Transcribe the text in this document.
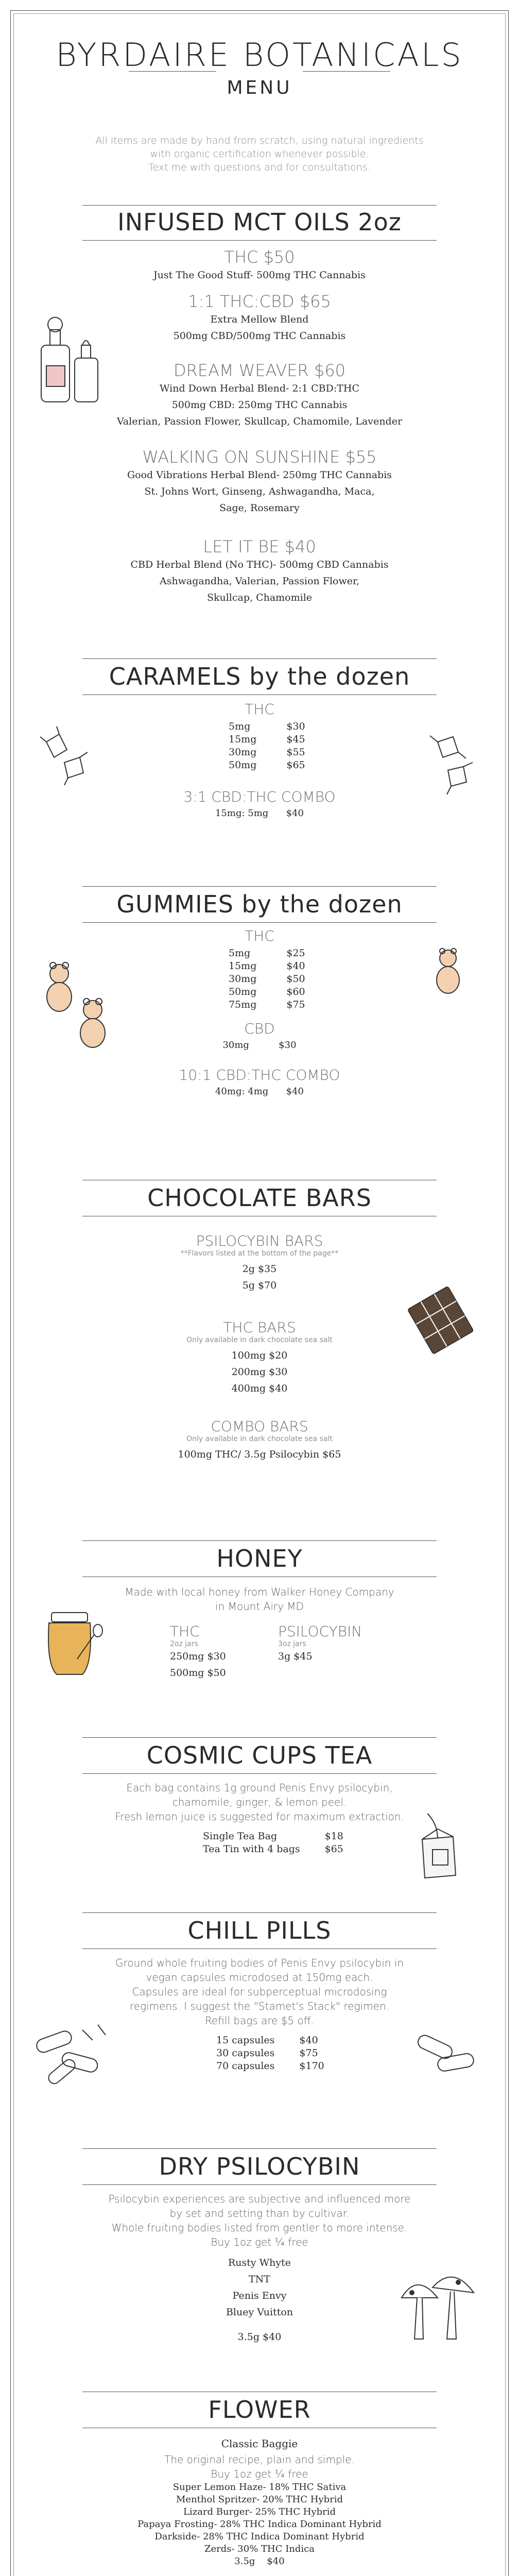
BYRDAIRE BOTANICALS
MENU
All items are made by hand from scratch, using natural ingredients
with organic certification whenever possible.
Text me with questions and for consultations.
INFUSED MCT OILS 2oz
THC $50
Just The Good Stuff- 500mg THC Cannabis
1:1 THC:CBD $65
Extra Mellow Blend
500mg CBD/500mg THC Cannabis
DREAM WEAVER $60
Wind Down Herbal Blend- 2:1 CBD:THC
500mg CBD: 250mg THC Cannabis
Valerian, Passion Flower, Skullcap, Chamomile, Lavender
WALKING ON SUNSHINE $55
Good Vibrations Herbal Blend- 250mg THC Cannabis
St. Johns Wort, Ginseng, Ashwagandha, Maca,
Sage, Rosemary
LET IT BE $40
CBD Herbal Blend (No THC)- 500mg CBD Cannabis
Ashwagandha, Valerian, Passion Flower,
Skullcap, Chamomile
CARAMELS by the dozen
THC
5mg	$30
15mg	$45
30mg	$55
50mg	$65
3:1 CBD:THC COMBO
15mg: 5mg      $40
GUMMIES by the dozen
THC
5mg	$25
15mg	$40
30mg	$50
50mg	$60
75mg	$75
CBD
30mg          $30
10:1 CBD:THC COMBO
40mg: 4mg      $40
CHOCOLATE BARS
PSILOCYBIN BARS
**Flavors listed at the bottom of the page**
2g $35
5g $70
THC BARS
Only available in dark chocolate sea salt
100mg $20
200mg $30
400mg $40
COMBO BARS
Only available in dark chocolate sea salt
100mg THC/ 3.5g Psilocybin $65
HONEY
Made with local honey from Walker Honey Company
in Mount Airy MD
THC
2oz jars
250mg $30
500mg $50
PSILOCYBIN
3oz jars
3g $45
COSMIC CUPS TEA
Each bag contains 1g ground Penis Envy psilocybin,
chamomile, ginger, & lemon peel.
Fresh lemon juice is suggested for maximum extraction.
Single Tea Bag	$18
Tea Tin with 4 bags	$65
CHILL PILLS
Ground whole fruiting bodies of Penis Envy psilocybin in
vegan capsules microdosed at 150mg each.
Capsules are ideal for subperceptual microdosing
regimens. I suggest the "Stamet's Stack" regimen.
Refill bags are $5 off.
15 capsules	$40
30 capsules	$75
70 capsules	$170
DRY PSILOCYBIN
Psilocybin experiences are subjective and influenced more
by set and setting than by cultivar.
Whole fruiting bodies listed from gentler to more intense.
Buy 1oz get ¼ free
Rusty Whyte
TNT
Penis Envy
Bluey Vuitton
3.5g $40
FLOWER
Classic Baggie
The original recipe, plain and simple.
Buy 1oz get ¼ free
Super Lemon Haze- 18% THC Sativa
Menthol Spritzer- 20% THC Hybrid
Lizard Burger- 25% THC Hybrid
Papaya Frosting- 28% THC Indica Dominant Hybrid
Darkside- 28% THC Indica Dominant Hybrid
Zerds- 30% THC Indica
3.5g    $40
